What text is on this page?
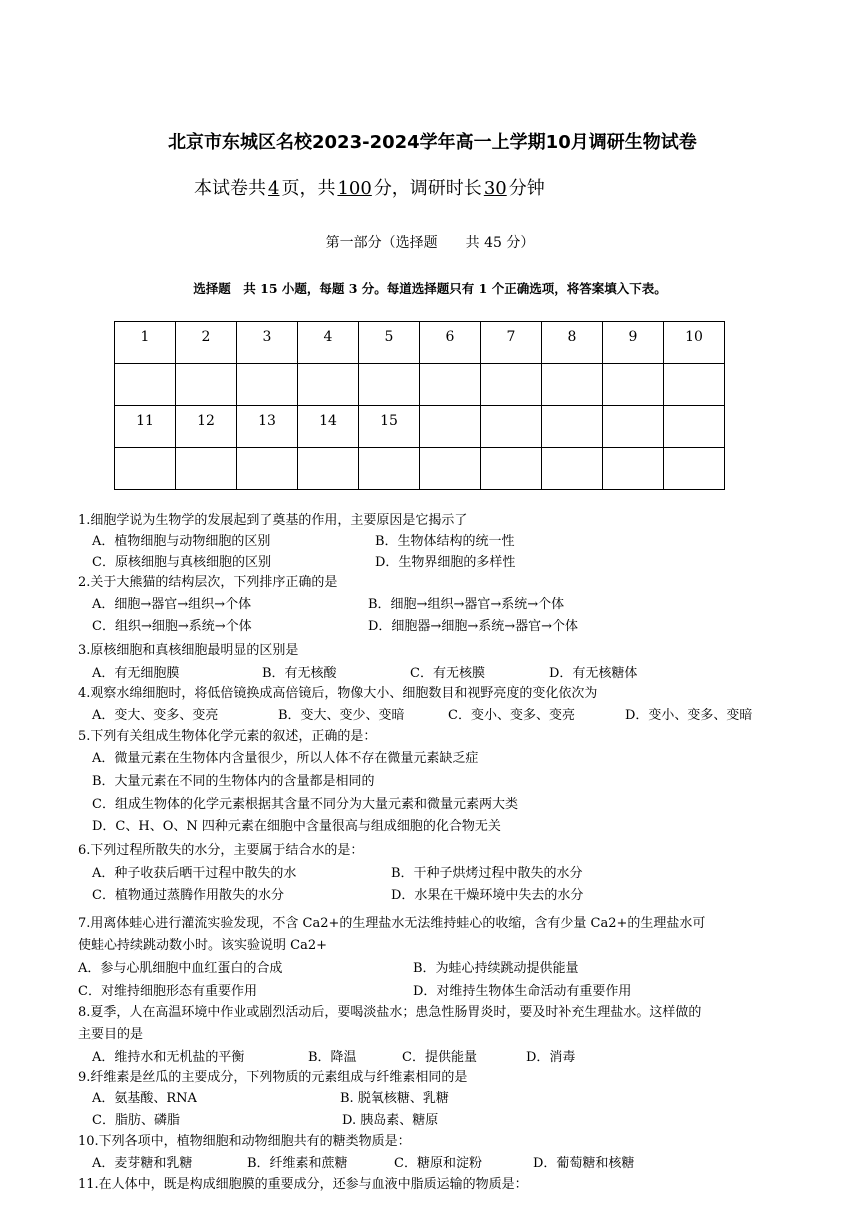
北京市东城区名校2023-2024学年高一上学期10月调研生物试卷
本试卷共 4 页，共 100 分，调研时长 30 分钟
第一部分（选择题　　共 45 分）
选择题　共 15 小题，每题 3 分。每道选择题只有 1 个正确选项，将答案填入下表。
1	2	3	4	5	6	7	8	9	10

11	12	13	14	15					

1.细胞学说为生物学的发展起到了奠基的作用，主要原因是它揭示了
A．植物细胞与动物细胞的区别	B．生物体结构的统一性
C．原核细胞与真核细胞的区别	D．生物界细胞的多样性
2.关于大熊猫的结构层次，下列排序正确的是
A．细胞→器官→组织→个体	B．细胞→组织→器官→系统→个体
C．组织→细胞→系统→个体	D．细胞器→细胞→系统→器官→个体
3.原核细胞和真核细胞最明显的区别是
A．有无细胞膜	B．有无核酸	C．有无核膜	D．有无核糖体
4.观察水绵细胞时，将低倍镜换成高倍镜后，物像大小、细胞数目和视野亮度的变化依次为
A．变大、变多、变亮	B．变大、变少、变暗	C．变小、变多、变亮	D．变小、变多、变暗
5.下列有关组成生物体化学元素的叙述，正确的是：
A．微量元素在生物体内含量很少，所以人体不存在微量元素缺乏症
B．大量元素在不同的生物体内的含量都是相同的
C．组成生物体的化学元素根据其含量不同分为大量元素和微量元素两大类
D．C、H、O、N 四种元素在细胞中含量很高与组成细胞的化合物无关
6.下列过程所散失的水分，主要属于结合水的是：
A．种子收获后晒干过程中散失的水	B．干种子烘烤过程中散失的水分
C．植物通过蒸腾作用散失的水分	D．水果在干燥环境中失去的水分
7.用离体蛙心进行灌流实验发现，不含 Ca2+的生理盐水无法维持蛙心的收缩，含有少量 Ca2+的生理盐水可
使蛙心持续跳动数小时。该实验说明 Ca2+
A．参与心肌细胞中血红蛋白的合成	B．为蛙心持续跳动提供能量
C．对维持细胞形态有重要作用	D．对维持生物体生命活动有重要作用
8.夏季，人在高温环境中作业或剧烈活动后，要喝淡盐水；患急性肠胃炎时，要及时补充生理盐水。这样做的
主要目的是
A．维持水和无机盐的平衡	B．降温	C．提供能量	D．消毒
9.纤维素是丝瓜的主要成分，下列物质的元素组成与纤维素相同的是
A．氨基酸、RNA	B. 脱氧核糖、乳糖
C．脂肪、磷脂	D. 胰岛素、糖原
10.下列各项中，植物细胞和动物细胞共有的糖类物质是：
A．麦芽糖和乳糖	B．纤维素和蔗糖	C．糖原和淀粉	D．葡萄糖和核糖
11.在人体中，既是构成细胞膜的重要成分，还参与血液中脂质运输的物质是：
